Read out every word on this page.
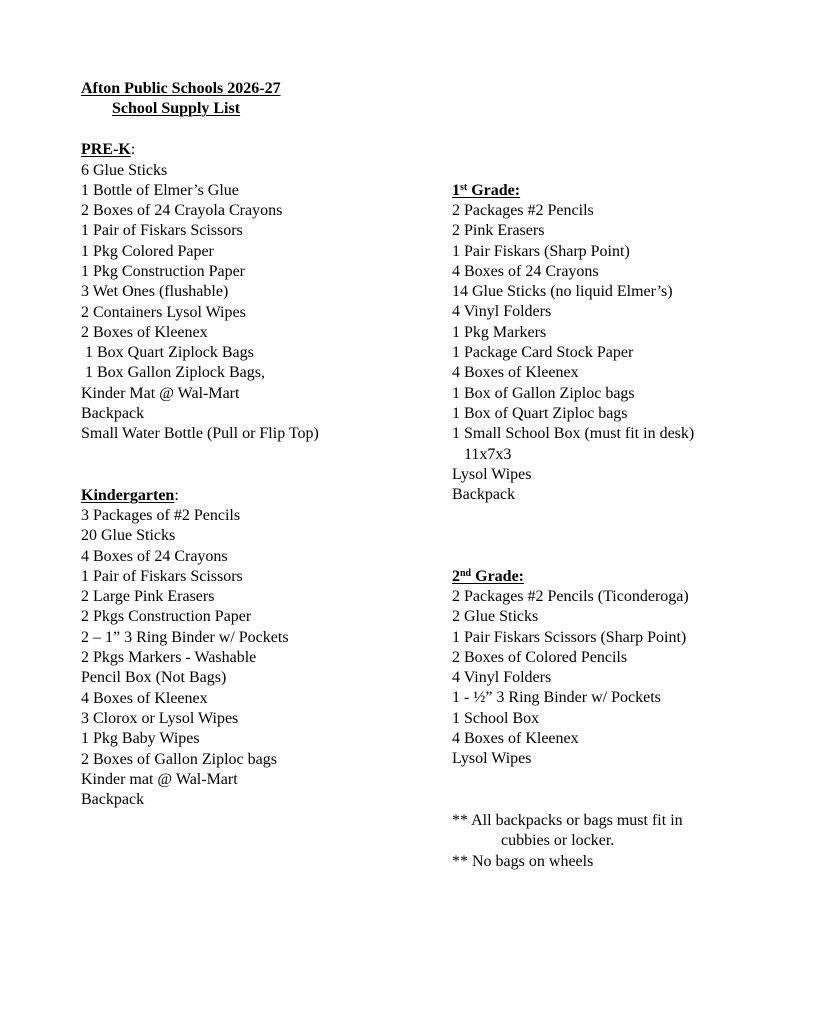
Afton Public Schools 2026-27
School Supply List
PRE-K:
6 Glue Sticks
1 Bottle of Elmer’s Glue
2 Boxes of 24 Crayola Crayons
1 Pair of Fiskars Scissors
1 Pkg Colored Paper
1 Pkg Construction Paper
3 Wet Ones (flushable)
2 Containers Lysol Wipes
2 Boxes of Kleenex
1 Box Quart Ziplock Bags
1 Box Gallon Ziplock Bags,
Kinder Mat @ Wal-Mart
Backpack
Small Water Bottle (Pull or Flip Top)
Kindergarten:
3 Packages of #2 Pencils
20 Glue Sticks
4 Boxes of 24 Crayons
1 Pair of Fiskars Scissors
2 Large Pink Erasers
2 Pkgs Construction Paper
2 – 1” 3 Ring Binder w/ Pockets
2 Pkgs Markers - Washable
Pencil Box (Not Bags)
4 Boxes of Kleenex
3 Clorox or Lysol Wipes
1 Pkg Baby Wipes
2 Boxes of Gallon Ziploc bags
Kinder mat @ Wal-Mart
Backpack
1st Grade:
2 Packages #2 Pencils
2 Pink Erasers
1 Pair Fiskars (Sharp Point)
4 Boxes of 24 Crayons
14 Glue Sticks (no liquid Elmer’s)
4 Vinyl Folders
1 Pkg Markers
1 Package Card Stock Paper
4 Boxes of Kleenex
1 Box of Gallon Ziploc bags
1 Box of Quart Ziploc bags
1 Small School Box (must fit in desk)
11x7x3
Lysol Wipes
Backpack
2nd Grade:
2 Packages #2 Pencils (Ticonderoga)
2 Glue Sticks
1 Pair Fiskars Scissors (Sharp Point)
2 Boxes of Colored Pencils
4 Vinyl Folders
1 - ½” 3 Ring Binder w/ Pockets
1 School Box
4 Boxes of Kleenex
Lysol Wipes
** All backpacks or bags must fit in
cubbies or locker.
** No bags on wheels
